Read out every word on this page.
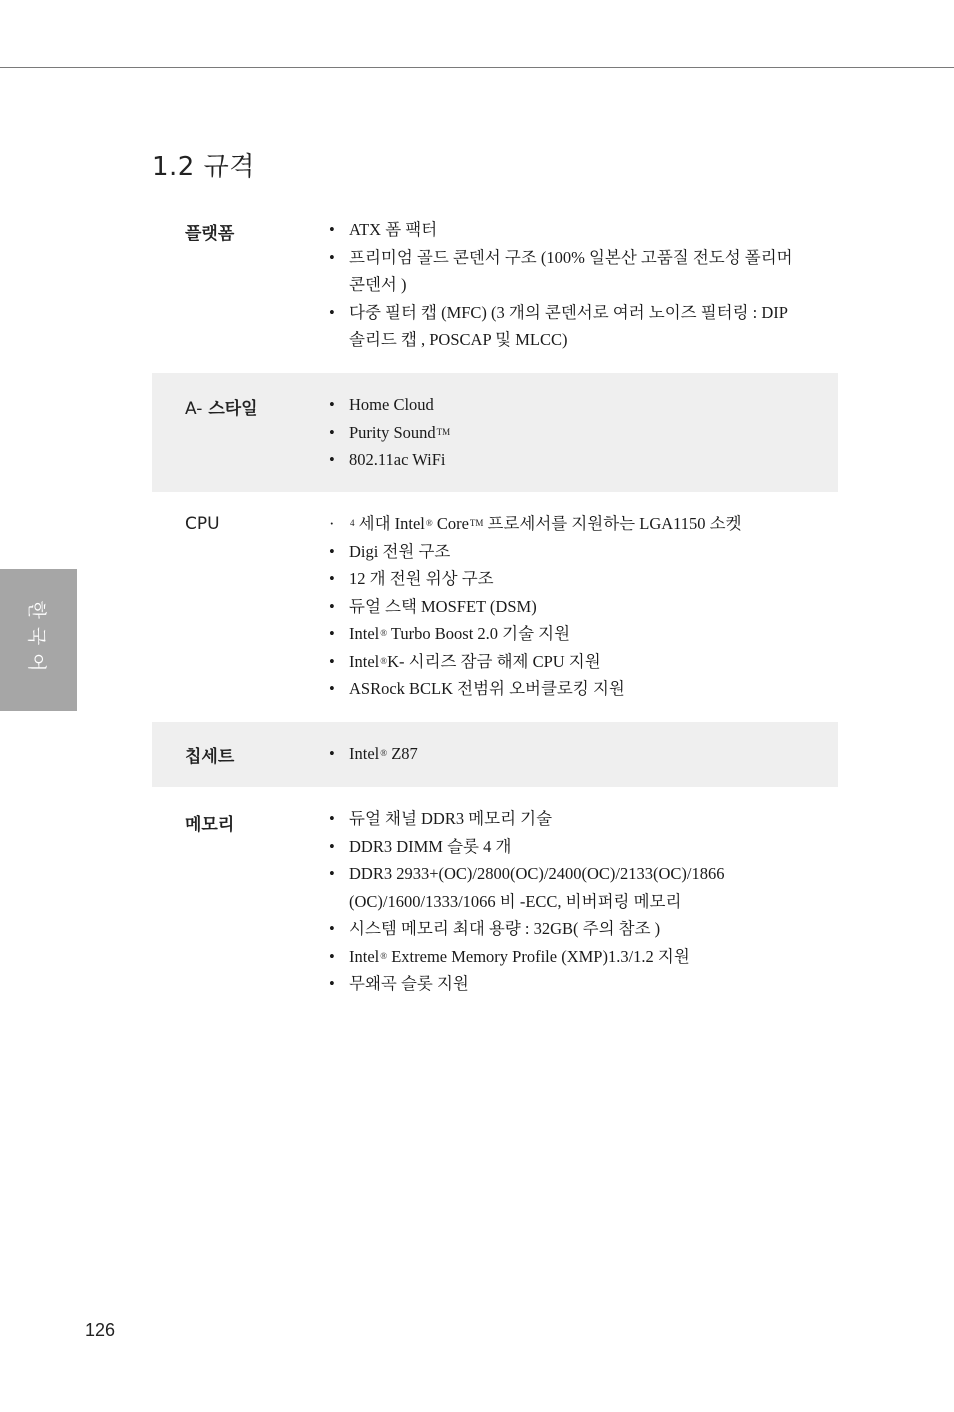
1.2 규격
한국어
플랫폼	• ATX 폼 팩터
• 프리미엄 골드 콘덴서 구조 (100% 일본산 고품질 전도성 폴리머 콘덴서 )
• 다중 필터 캡 (MFC) (3 개의 콘덴서로 여러 노이즈 필터링 : DIP 솔리드 캡 , POSCAP 및 MLCC)
A- 스타일	• Home Cloud
• Purity Sound™
• 802.11ac WiFi
CPU	·	$^4$ 세대 Intel® Core™ 프로세서를 지원하는 LGA1150 소켓
• Digi 전원 구조
• 12 개 전원 위상 구조
• 듀얼 스택 MOSFET (DSM)
• Intel® Turbo Boost 2.0 기술 지원
• Intel®K- 시리즈 잠금 해제 CPU 지원
• ASRock BCLK 전범위 오버클로킹 지원
칩세트	• Intel® Z87
메모리	• 듀얼 채널 DDR3 메모리 기술
• DDR3 DIMM 슬롯 4 개
• DDR3 2933+(OC)/2800(OC)/2400(OC)/2133(OC)/1866 (OC)/1600/1333/1066 비 -ECC, 비버퍼링 메모리
• 시스템 메모리 최대 용량 : 32GB( 주의 참조 )
• Intel® Extreme Memory Profile (XMP)1.3/1.2 지원
• 무왜곡 슬롯 지원
126
